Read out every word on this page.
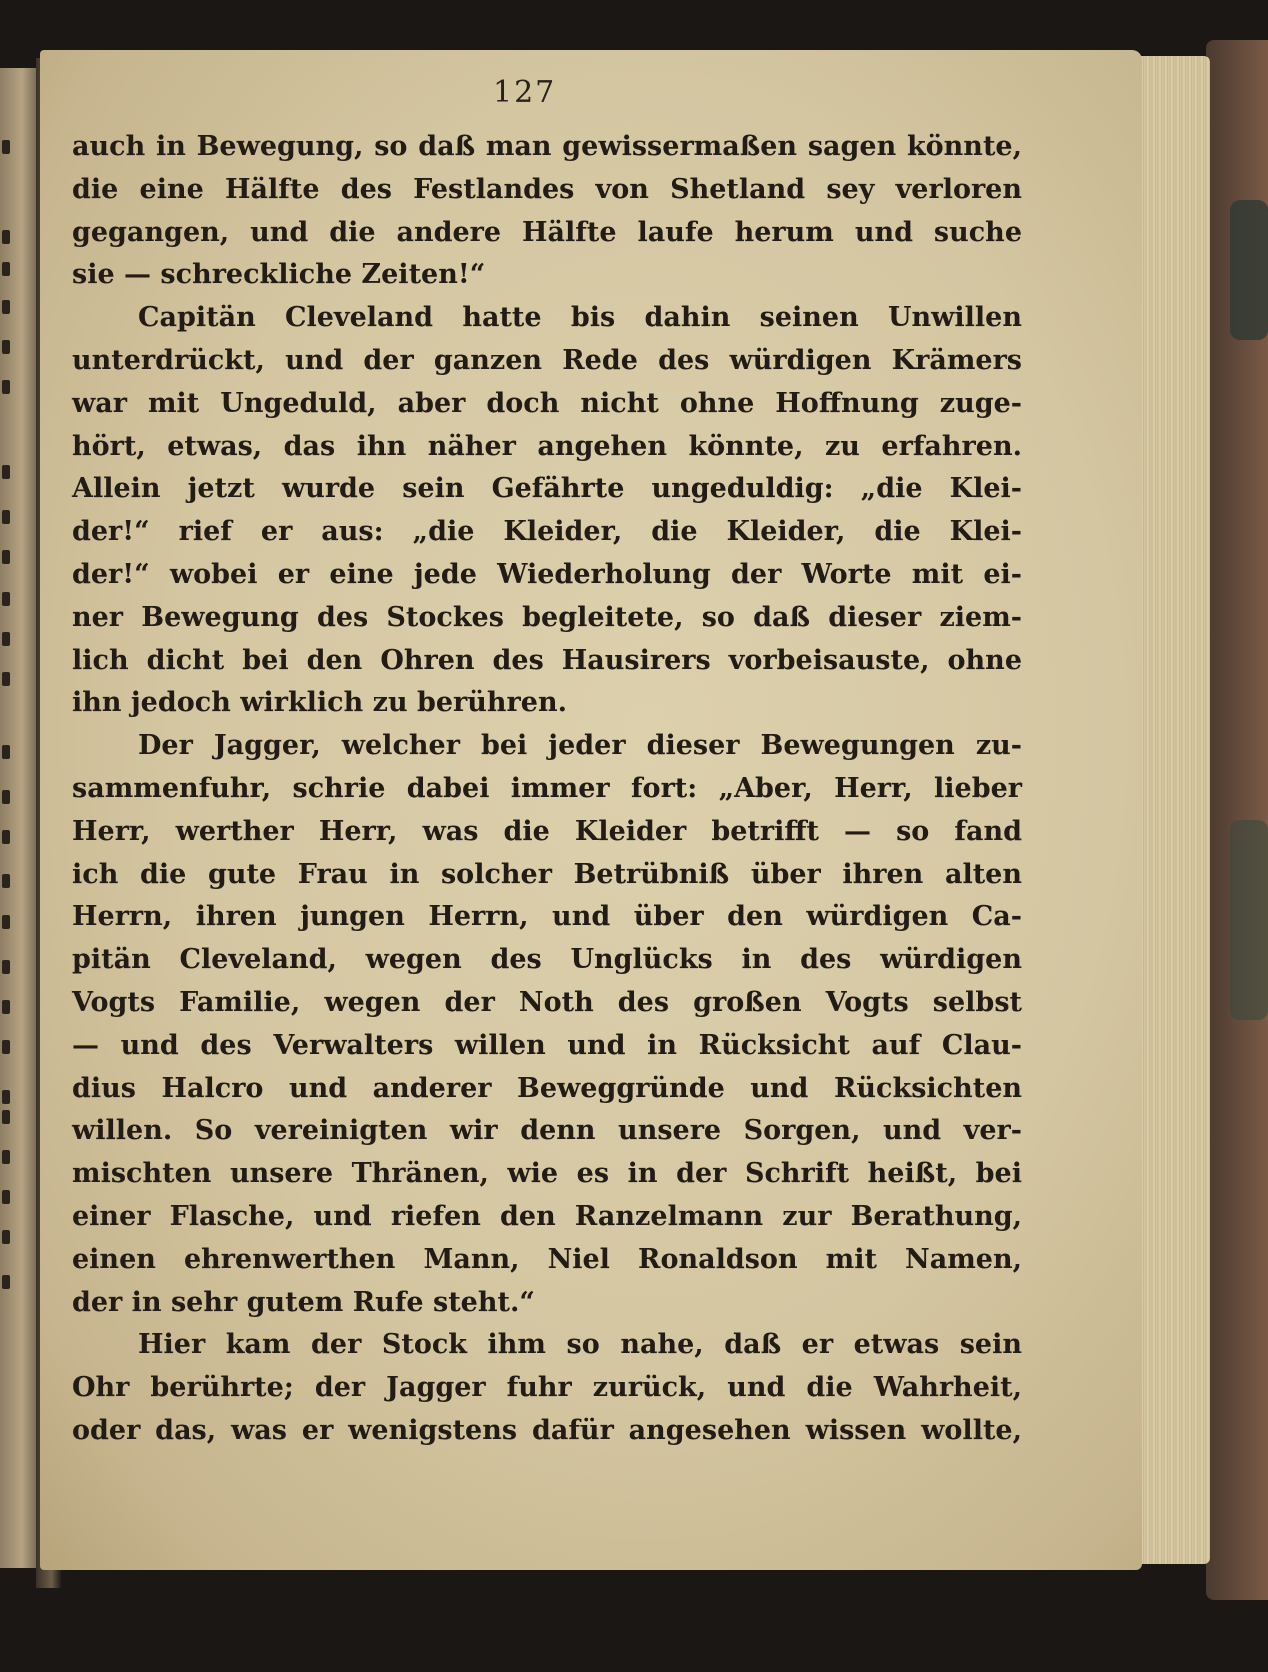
127
auch in Bewegung, so daß man gewissermaßen sagen könnte,
die eine Hälfte des Festlandes von Shetland sey verloren
gegangen, und die andere Hälfte laufe herum und suche
sie — schreckliche Zeiten!“
Capitän Cleveland hatte bis dahin seinen Unwillen
unterdrückt, und der ganzen Rede des würdigen Krämers
war mit Ungeduld, aber doch nicht ohne Hoffnung zuge-
hört, etwas, das ihn näher angehen könnte, zu erfahren.
Allein jetzt wurde sein Gefährte ungeduldig: „die Klei-
der!“ rief er aus: „die Kleider, die Kleider, die Klei-
der!“ wobei er eine jede Wiederholung der Worte mit ei-
ner Bewegung des Stockes begleitete, so daß dieser ziem-
lich dicht bei den Ohren des Hausirers vorbeisauste, ohne
ihn jedoch wirklich zu berühren.
Der Jagger, welcher bei jeder dieser Bewegungen zu-
sammenfuhr, schrie dabei immer fort: „Aber, Herr, lieber
Herr, werther Herr, was die Kleider betrifft — so fand
ich die gute Frau in solcher Betrübniß über ihren alten
Herrn, ihren jungen Herrn, und über den würdigen Ca-
pitän Cleveland, wegen des Unglücks in des würdigen
Vogts Familie, wegen der Noth des großen Vogts selbst
— und des Verwalters willen und in Rücksicht auf Clau-
dius Halcro und anderer Beweggründe und Rücksichten
willen. So vereinigten wir denn unsere Sorgen, und ver-
mischten unsere Thränen, wie es in der Schrift heißt, bei
einer Flasche, und riefen den Ranzelmann zur Berathung,
einen ehrenwerthen Mann, Niel Ronaldson mit Namen,
der in sehr gutem Rufe steht.“
Hier kam der Stock ihm so nahe, daß er etwas sein
Ohr berührte; der Jagger fuhr zurück, und die Wahrheit,
oder das, was er wenigstens dafür angesehen wissen wollte,
